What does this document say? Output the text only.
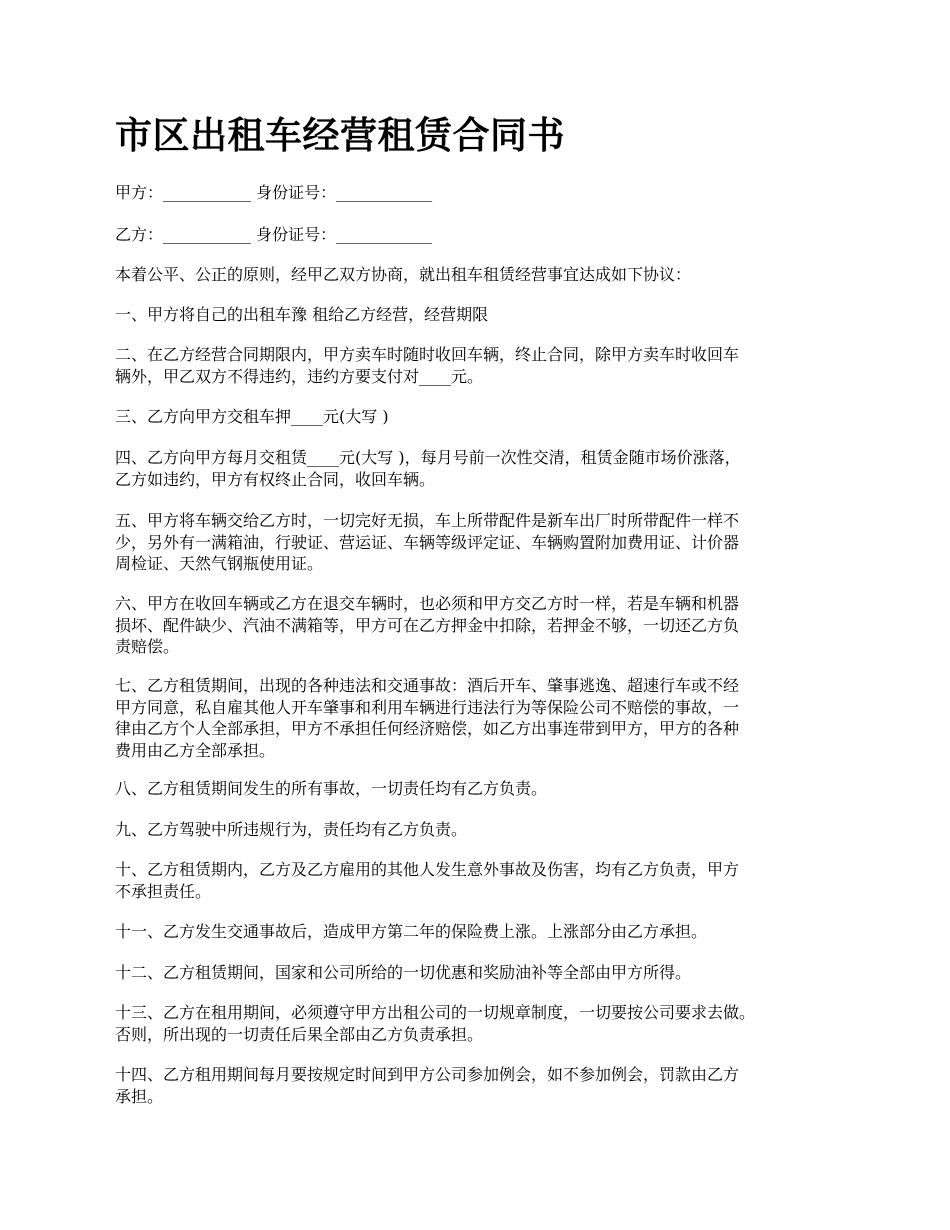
市区出租车经营租赁合同书

甲方：___________ 身份证号：____________

乙方：___________ 身份证号：____________

本着公平、公正的原则，经甲乙双方协商，就出租车租赁经营事宜达成如下协议：

一、甲方将自己的出租车豫 租给乙方经营，经营期限

二、在乙方经营合同期限内，甲方卖车时随时收回车辆，终止合同，除甲方卖车时收回车
辆外，甲乙双方不得违约，违约方要支付对____元。

三、乙方向甲方交租车押____元(大写 )

四、乙方向甲方每月交租赁____元(大写 )，每月号前一次性交清，租赁金随市场价涨落，
乙方如违约，甲方有权终止合同，收回车辆。

五、甲方将车辆交给乙方时，一切完好无损，车上所带配件是新车出厂时所带配件一样不
少，另外有一满箱油，行驶证、营运证、车辆等级评定证、车辆购置附加费用证、计价器
周检证、天然气钢瓶使用证。

六、甲方在收回车辆或乙方在退交车辆时，也必须和甲方交乙方时一样，若是车辆和机器
损坏、配件缺少、汽油不满箱等，甲方可在乙方押金中扣除，若押金不够，一切还乙方负
责赔偿。

七、乙方租赁期间，出现的各种违法和交通事故：酒后开车、肇事逃逸、超速行车或不经
甲方同意，私自雇其他人开车肇事和利用车辆进行违法行为等保险公司不赔偿的事故，一
律由乙方个人全部承担，甲方不承担任何经济赔偿，如乙方出事连带到甲方，甲方的各种
费用由乙方全部承担。

八、乙方租赁期间发生的所有事故，一切责任均有乙方负责。

九、乙方驾驶中所违规行为，责任均有乙方负责。

十、乙方租赁期内，乙方及乙方雇用的其他人发生意外事故及伤害，均有乙方负责，甲方
不承担责任。

十一、乙方发生交通事故后，造成甲方第二年的保险费上涨。上涨部分由乙方承担。

十二、乙方租赁期间，国家和公司所给的一切优惠和奖励油补等全部由甲方所得。

十三、乙方在租用期间，必须遵守甲方出租公司的一切规章制度，一切要按公司要求去做。
否则，所出现的一切责任后果全部由乙方负责承担。

十四、乙方租用期间每月要按规定时间到甲方公司参加例会，如不参加例会，罚款由乙方
承担。
